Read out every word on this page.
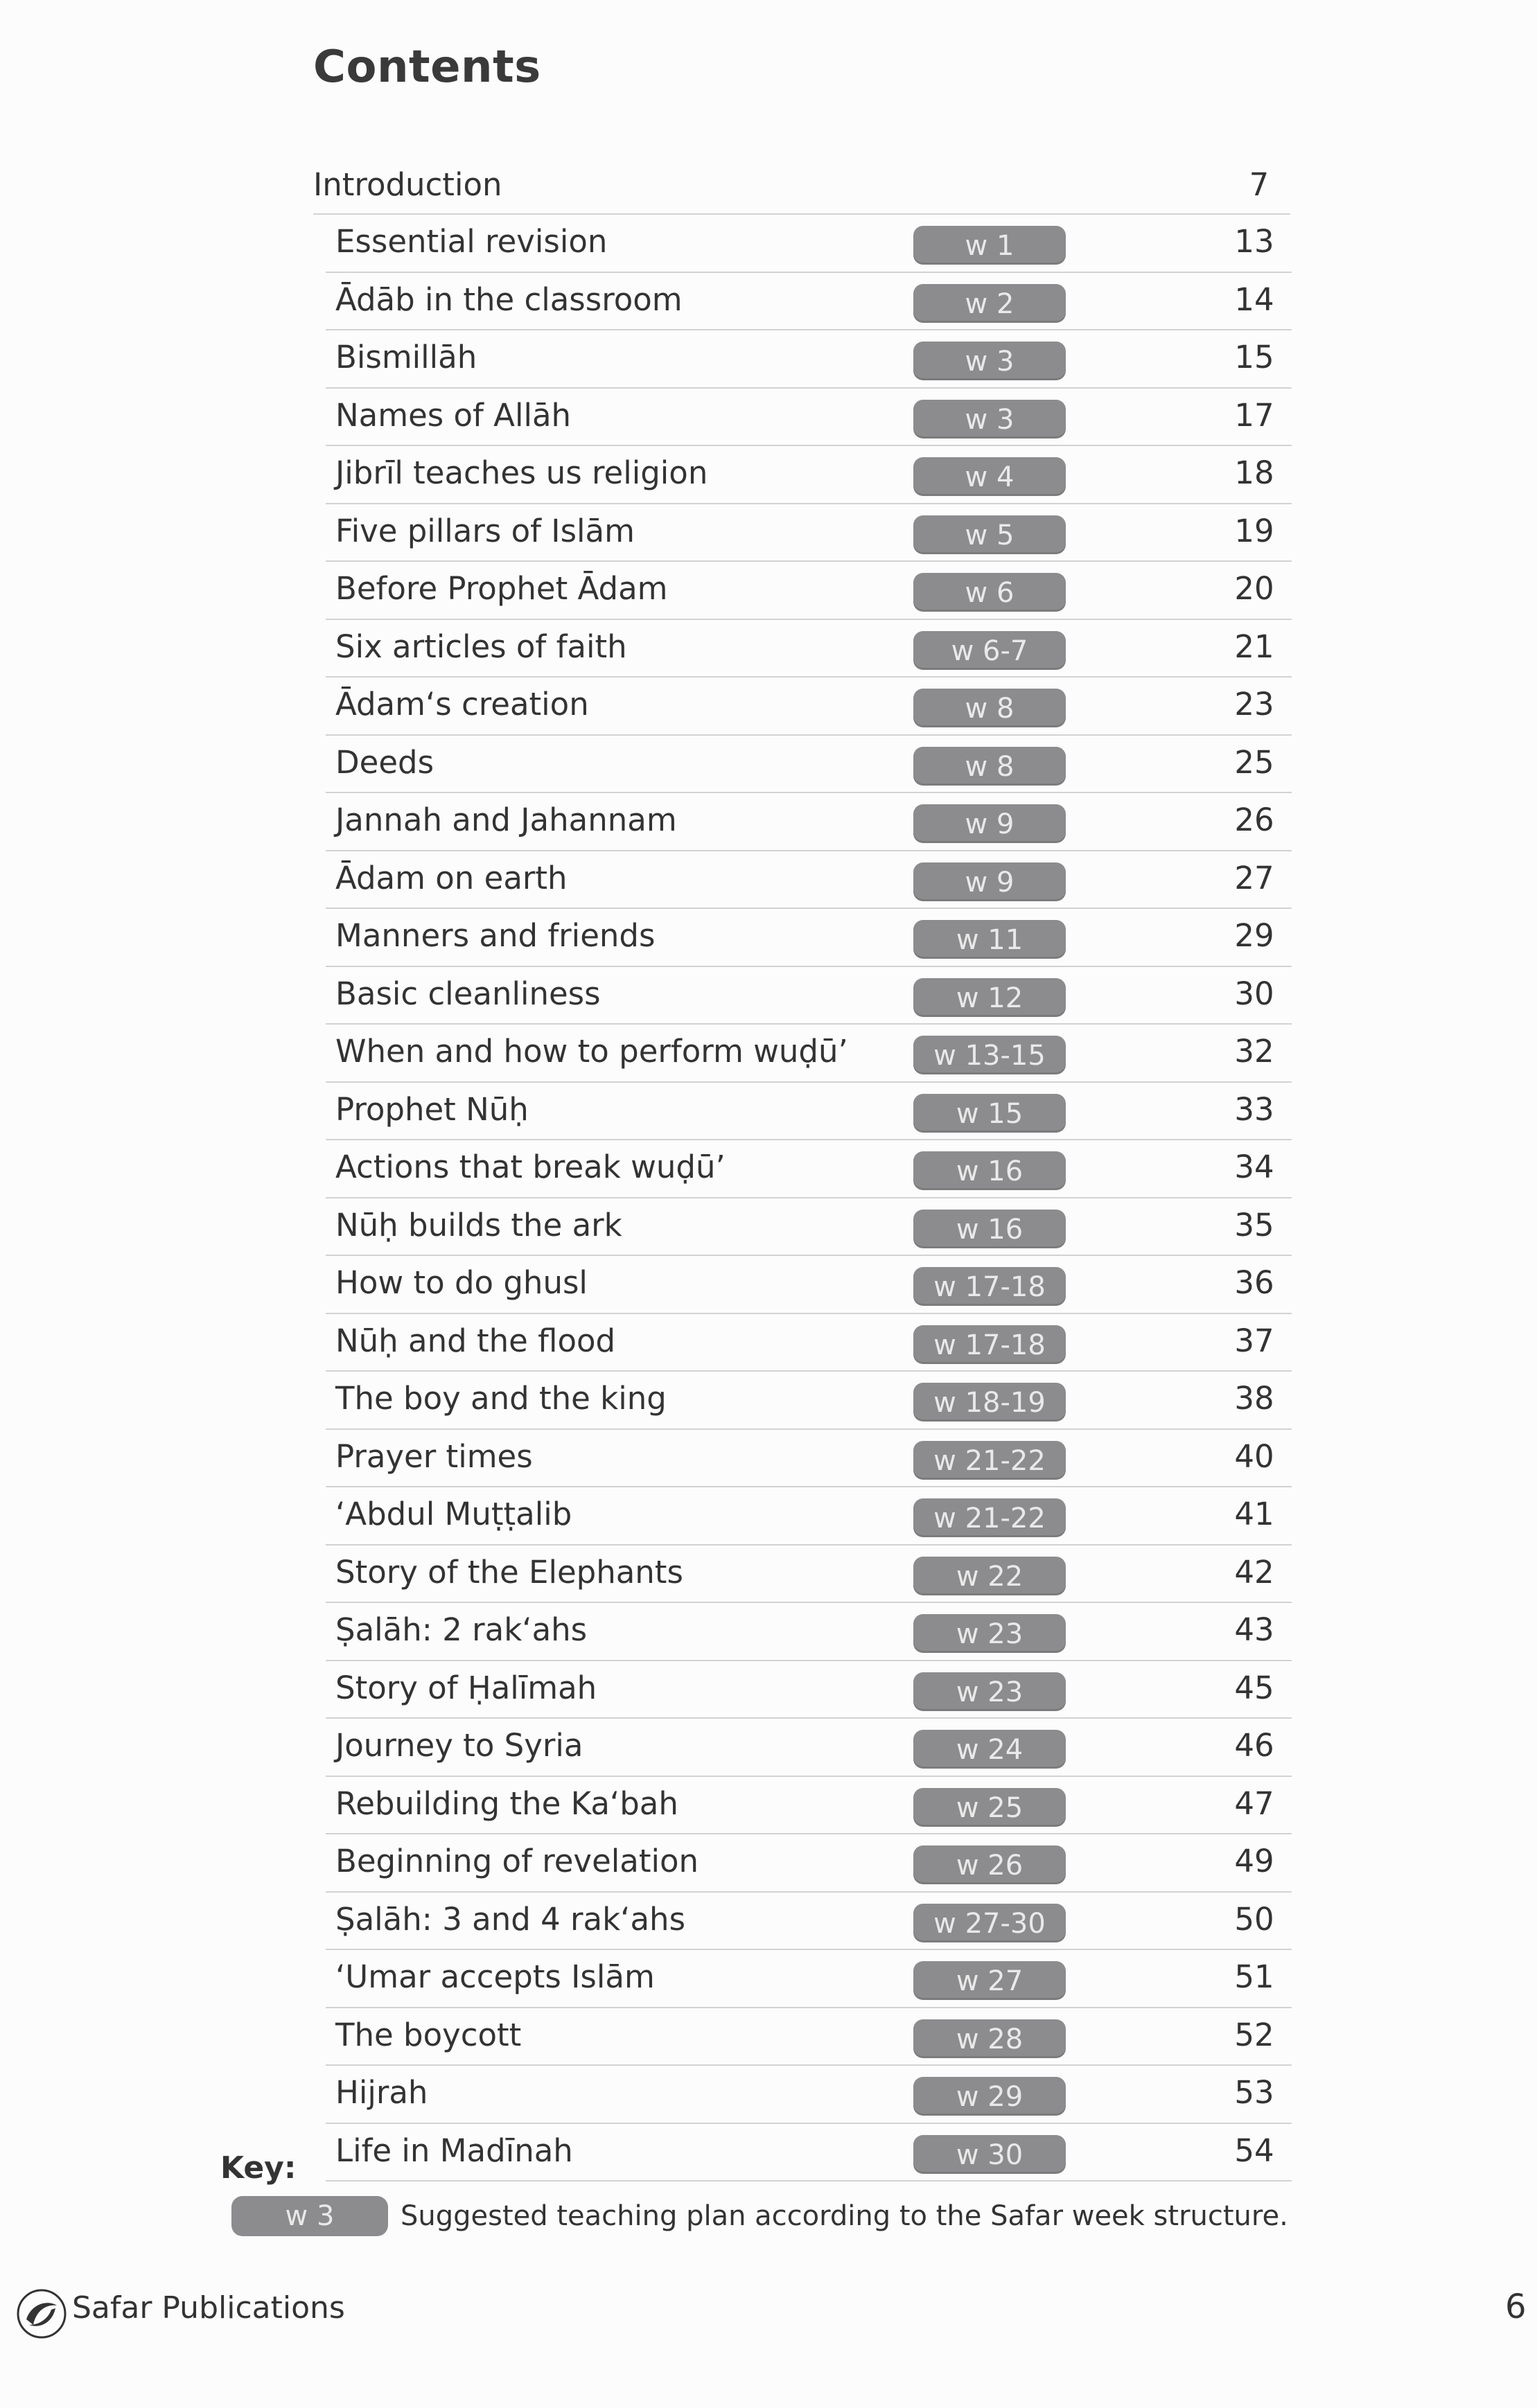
Contents
Introduction	7
Essential revision	w 1	13
Ādāb in the classroom	w 2	14
Bismillāh	w 3	15
Names of Allāh	w 3	17
Jibrīl teaches us religion	w 4	18
Five pillars of Islām	w 5	19
Before Prophet Ādam	w 6	20
Six articles of faith	w 6-7	21
Ādam‘s creation	w 8	23
Deeds	w 8	25
Jannah and Jahannam	w 9	26
Ādam on earth	w 9	27
Manners and friends	w 11	29
Basic cleanliness	w 12	30
When and how to perform wuḍū’	w 13-15	32
Prophet Nūḥ	w 15	33
Actions that break wuḍū’	w 16	34
Nūḥ builds the ark	w 16	35
How to do ghusl	w 17-18	36
Nūḥ and the flood	w 17-18	37
The boy and the king	w 18-19	38
Prayer times	w 21-22	40
‘Abdul Muṭṭalib	w 21-22	41
Story of the Elephants	w 22	42
Ṣalāh: 2 rak‘ahs	w 23	43
Story of Ḥalīmah	w 23	45
Journey to Syria	w 24	46
Rebuilding the Ka‘bah	w 25	47
Beginning of revelation	w 26	49
Ṣalāh: 3 and 4 rak‘ahs	w 27-30	50
‘Umar accepts Islām	w 27	51
The boycott	w 28	52
Hijrah	w 29	53
Life in Madīnah	w 30	54
Key:
w 3	Suggested teaching plan according to the Safar week structure.
Safar Publications	6
